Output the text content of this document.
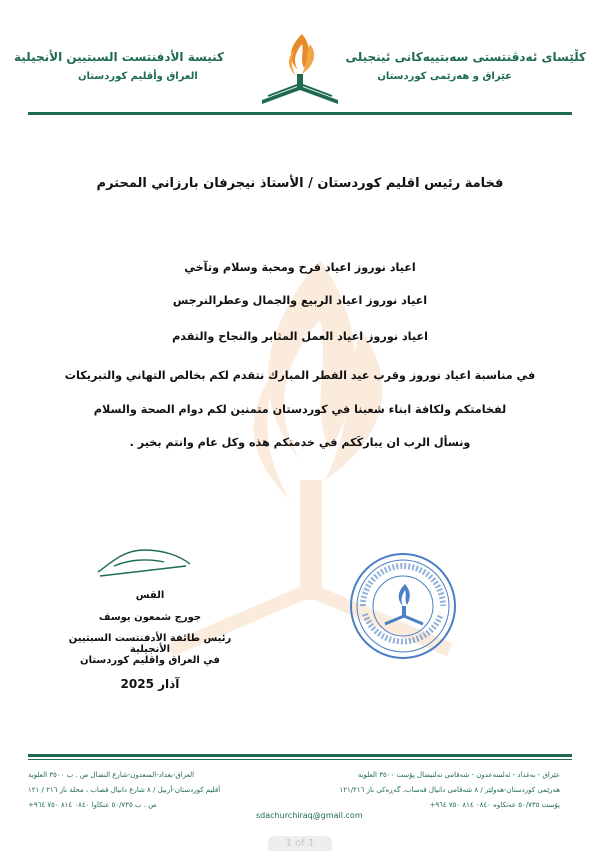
کڵێسای ئەدڤنتستی سەبتییەکانی ئینجیلی
عێراق و هەرێمی کوردستان
كنيسة الأدفنتست السبتيين الأنجيلية
العراق وأقليم كوردستان
فخامة رئيس اقليم كوردستان / الأستاذ نيجرفان بارزاني المحترم
اعياد نوروز اعياد فرح ومحبة وسلام وتآخي
اعياد نوروز اعياد الربيع والجمال وعطرالنرجس
اعياد نوروز اعياد العمل المثابر والنجاح والتقدم
في مناسبة اعياد نوروز وقرب عيد الفطر المبارك نتقدم لكم بخالص التهاني والتبريكات
لفخامتكم ولكافة ابناء شعبنا في كوردستان متمنين لكم دوام الصحة والسلام
ونسأل الرب ان يباركَكم في خدمتكم هذه وكل عام وانتم بخير .
القس
جورج شمعون يوسف
رئيس طائفة الأدفنتست السبتيين الأنجيلية
في العراق واقليم كوردستان
آذار 2025
عێراق - بەغداد - ئەلسەعدون - شەقامی نەلنیضال پۆست ٣٥٠٠ العلوية
هەرێمی کوردستان-هەولێر / ٨ شەقامی دانیال قەساب، گەڕەکی ناز ١٢١/٢١٦
پۆست ٥٠/٧٣٥ عەنکاوە ٠٨٤٠ ٨١٤ ٧٥٠ ٩٦٤+
العراق-بغداد-السعدون-شارع النضال ص . ب ٣٥٠٠ العلوية
أقليم كوردستان-أربيل / ٨ شارع دانيال قصاب ، محلة ناز ٢١٦ / ١٢١
ص . ب ٥٠/٧٣٥ عنكاوا ٠٨٤٠ ٨١٤ ٧٥٠ ٩٦٤+
sdachurchiraq@gmail.com
1 of 1
